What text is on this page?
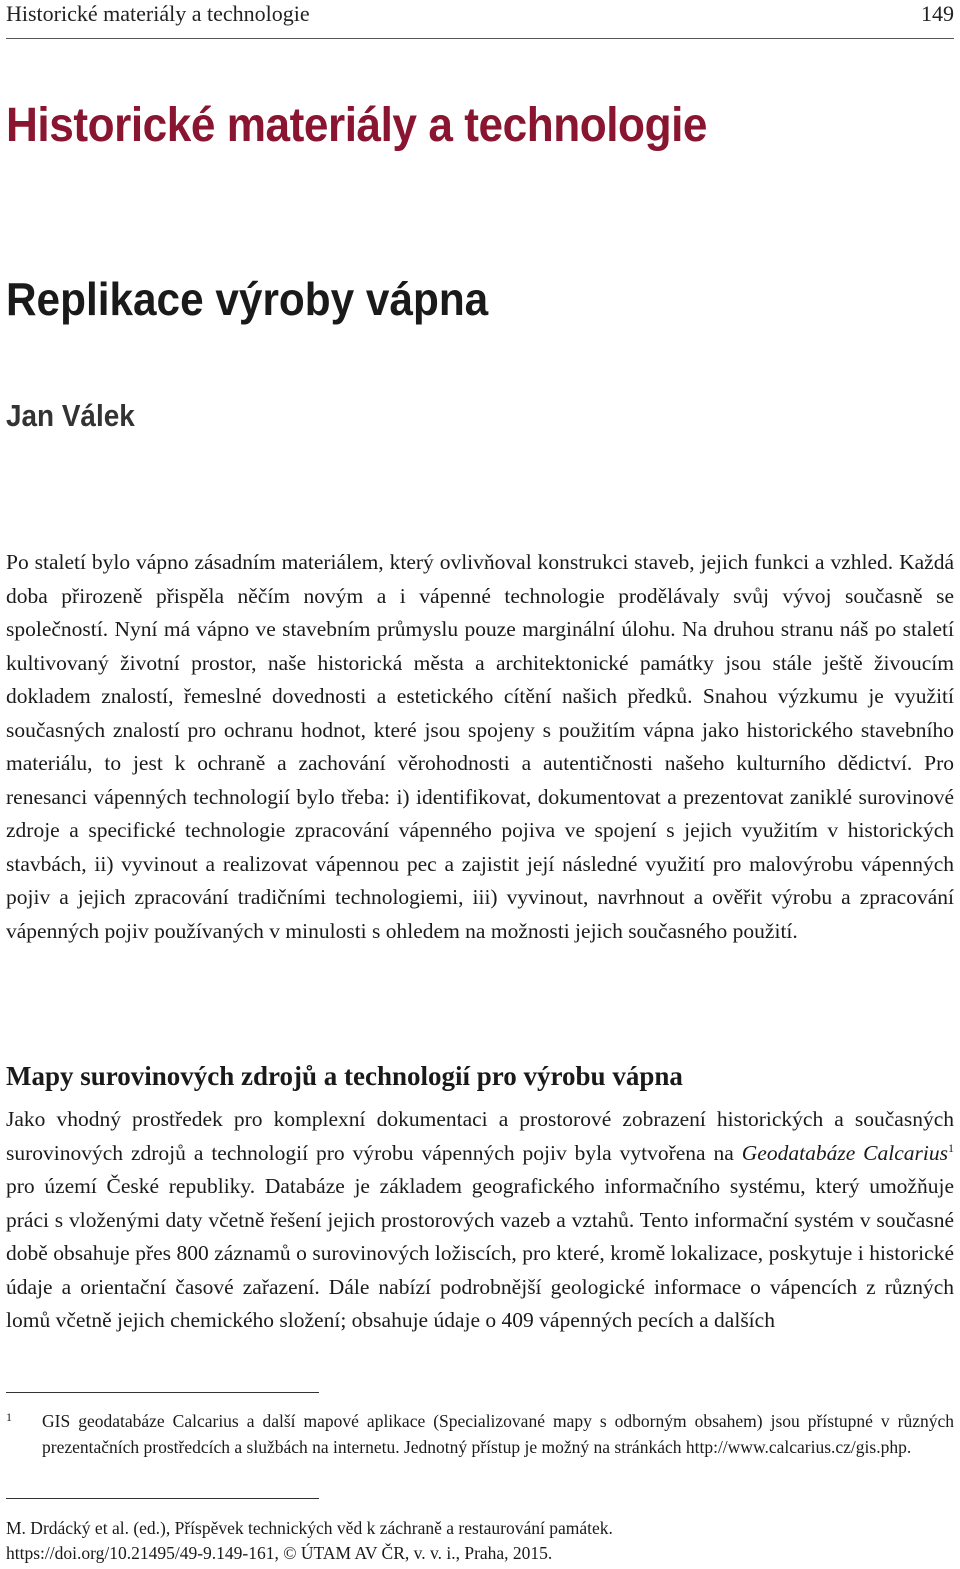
Historické materiály a technologie	149
Historické materiály a technologie
Replikace výroby vápna
Jan Válek

Po staletí bylo vápno zásadním materiálem, který ovlivňoval konstrukci staveb, jejich funkci a vzhled. Každá doba přirozeně přispěla něčím novým a i vápenné technologie prodělávaly svůj vývoj současně se společností. Nyní má vápno ve stavebním průmyslu pouze marginální úlohu. Na druhou stranu náš po staletí kultivovaný životní prostor, naše historická města a architektonické památky jsou stále ještě živoucím dokladem znalostí, řemeslné dovednosti a estetického cítění našich předků. Snahou výzkumu je využití současných znalostí pro ochranu hodnot, které jsou spojeny s použitím vápna jako historického stavebního materiálu, to jest k ochraně a zachování věrohodnosti a autentičnosti našeho kulturního dědictví. Pro renesanci vápenných technologií bylo třeba: i) identifikovat, dokumentovat a prezentovat zaniklé surovinové zdroje a specifické technologie zpracování vápenného pojiva ve spojení s jejich využitím v historických stavbách, ii) vyvinout a realizovat vápennou pec a zajistit její následné využití pro malovýrobu vápenných pojiv a jejich zpracování tradičními technologiemi, iii) vyvinout, navrhnout a ověřit výrobu a zpracování vápenných pojiv používaných v minulosti s ohledem na možnosti jejich současného použití.

Mapy surovinových zdrojů a technologií pro výrobu vápna

Jako vhodný prostředek pro komplexní dokumentaci a prostorové zobrazení historických a současných surovinových zdrojů a technologií pro výrobu vápenných pojiv byla vytvořena na Geodatabáze Calcarius$^1$ pro území České republiky. Databáze je základem geografického informačního systému, který umožňuje práci s vloženými daty včetně řešení jejich prostorových vazeb a vztahů. Tento informační systém v současné době obsahuje přes 800 záznamů o surovinových ložiscích, pro které, kromě lokalizace, poskytuje i historické údaje a orientační časové zařazení. Dále nabízí podrobnější geologické informace o vápencích z různých lomů včetně jejich chemického složení; obsahuje údaje o 409 vápenných pecích a dalších

1	GIS geodatabáze Calcarius a další mapové aplikace (Specializované mapy s odborným obsahem) jsou přístupné v různých prezentačních prostředcích a službách na internetu. Jednotný přístup je možný na stránkách http://www.calcarius.cz/gis.php.
M. Drdácký et al. (ed.), Příspěvek technických věd k záchraně a restaurování památek.
https://doi.org/10.21495/49-9.149-161, © ÚTAM AV ČR, v. v. i., Praha, 2015.
